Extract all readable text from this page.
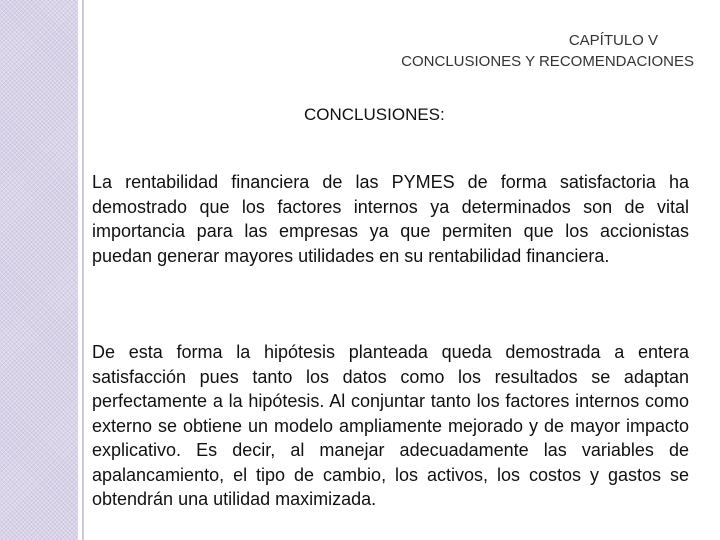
CAPÍTULO V
CONCLUSIONES Y RECOMENDACIONES
CONCLUSIONES:

La rentabilidad financiera de las PYMES de forma satisfactoria ha demostrado que los factores internos ya determinados son de vital importancia para las empresas ya que permiten que los accionistas puedan generar mayores utilidades en su rentabilidad financiera.

De esta forma la hipótesis planteada queda demostrada a entera satisfacción pues tanto los datos como los resultados se adaptan perfectamente a la hipótesis. Al conjuntar tanto los factores internos como externo se obtiene un modelo ampliamente mejorado y de mayor impacto explicativo. Es decir, al manejar adecuadamente las variables de apalancamiento, el tipo de cambio, los activos, los costos y gastos se obtendrán una utilidad maximizada.
